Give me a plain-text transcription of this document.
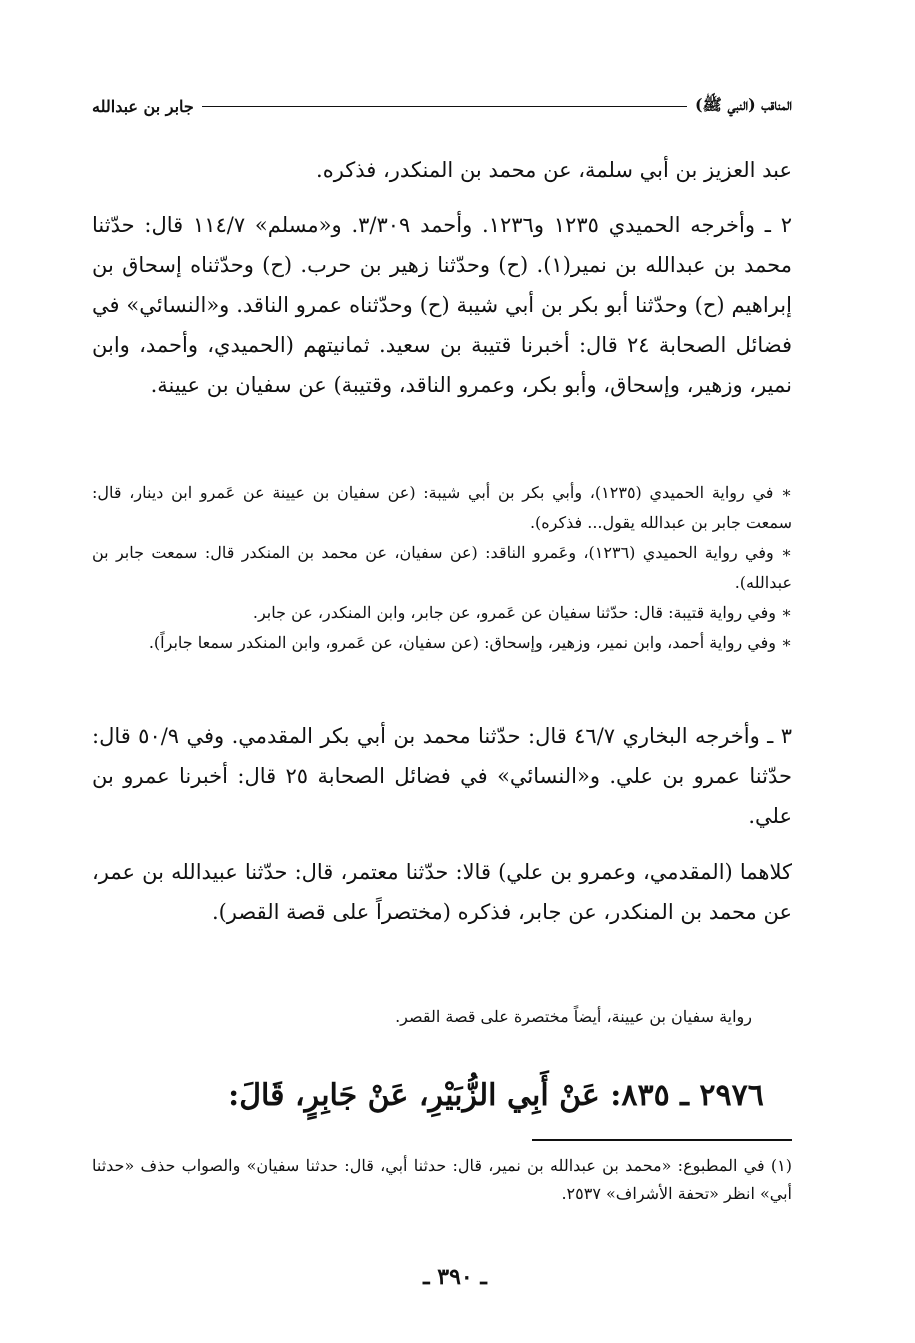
المناقب (النبي ﷺ)
جابر بن عبدالله

عبد العزيز بن أبي سلمة، عن محمد بن المنكدر، فذكره.

٢ ـ وأخرجه الحميدي ١٢٣٥ و١٢٣٦. وأحمد ٣/٣٠٩. و«مسلم» ١١٤/٧ قال: حدّثنا محمد بن عبدالله بن نمير(١). (ح) وحدّثنا زهير بن حرب. (ح) وحدّثناه إسحاق بن إبراهيم (ح) وحدّثنا أبو بكر بن أبي شيبة (ح) وحدّثناه عمرو الناقد. و«النسائي» في فضائل الصحابة ٢٤ قال: أخبرنا قتيبة بن سعيد. ثمانيتهم (الحميدي، وأحمد، وابن نمير، وزهير، وإسحاق، وأبو بكر، وعمرو الناقد، وقتيبة) عن سفيان بن عيينة.

∗ في رواية الحميدي (١٢٣٥)، وأبي بكر بن أبي شيبة: (عن سفيان بن عيينة عن عَمرو ابن دينار، قال: سمعت جابر بن عبدالله يقول... فذكره).

∗ وفي رواية الحميدي (١٢٣٦)، وعَمرو الناقد: (عن سفيان، عن محمد بن المنكدر قال: سمعت جابر بن عبدالله).

∗ وفي رواية قتيبة: قال: حدّثنا سفيان عن عَمرو، عن جابر، وابن المنكدر، عن جابر.

∗ وفي رواية أحمد، وابن نمير، وزهير، وإسحاق: (عن سفيان، عن عَمرو، وابن المنكدر سمعا جابراً).

٣ ـ وأخرجه البخاري ٤٦/٧ قال: حدّثنا محمد بن أبي بكر المقدمي. وفي ٥٠/٩ قال: حدّثنا عمرو بن علي. و«النسائي» في فضائل الصحابة ٢٥ قال: أخبرنا عمرو بن علي.

كلاهما (المقدمي، وعمرو بن علي) قالا: حدّثنا معتمر، قال: حدّثنا عبيدالله بن عمر، عن محمد بن المنكدر، عن جابر، فذكره (مختصراً على قصة القصر).

رواية سفيان بن عيينة، أيضاً مختصرة على قصة القصر.

٢٩٧٦ ـ ٨٣٥: عَنْ أَبِي الزُّبَيْرِ، عَنْ جَابِرٍ، قَالَ:

(١) في المطبوع: «محمد بن عبدالله بن نمير، قال: حدثنا أبي، قال: حدثنا سفيان» والصواب حذف «حدثنا أبي» انظر «تحفة الأشراف» ٢٥٣٧.

ـ ٣٩٠ ـ
